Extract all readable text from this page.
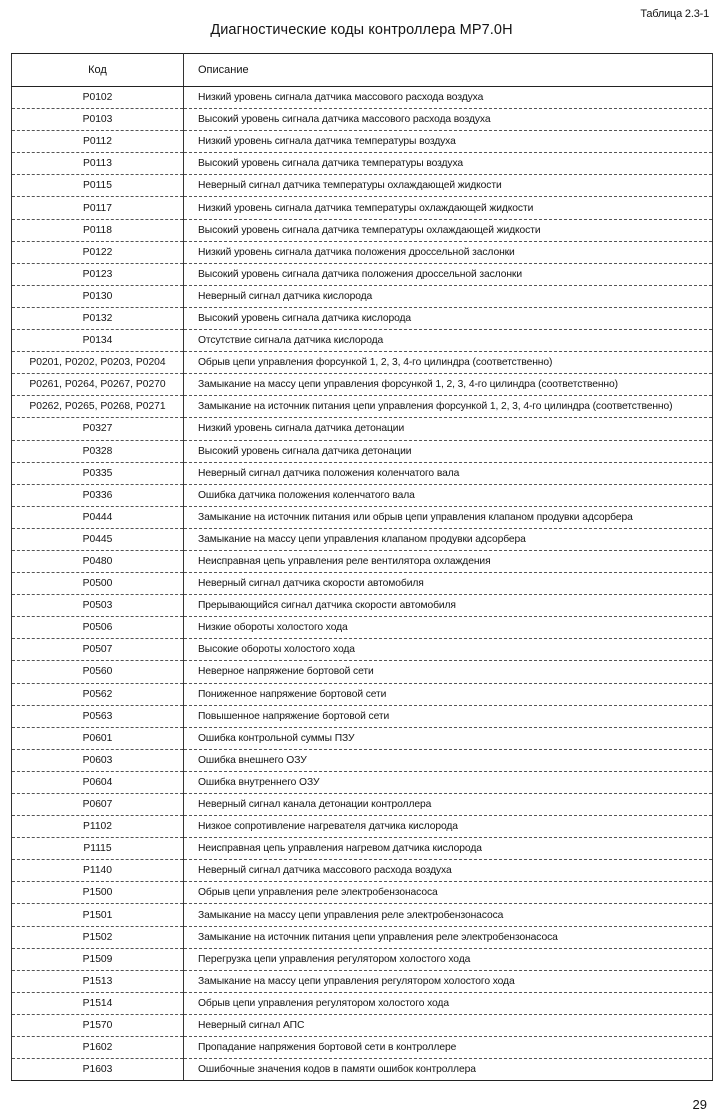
Таблица 2.3-1
Диагностические коды контроллера MP7.0H
Код	Описание
P0102	Низкий уровень сигнала датчика массового расхода воздуха
P0103	Высокий уровень сигнала датчика массового расхода воздуха
P0112	Низкий уровень сигнала датчика температуры воздуха
P0113	Высокий уровень сигнала датчика температуры воздуха
P0115	Неверный сигнал датчика температуры охлаждающей жидкости
P0117	Низкий уровень сигнала датчика температуры охлаждающей жидкости
P0118	Высокий уровень сигнала датчика температуры охлаждающей жидкости
P0122	Низкий уровень сигнала датчика положения дроссельной заслонки
P0123	Высокий уровень сигнала датчика положения дроссельной заслонки
P0130	Неверный сигнал датчика кислорода
P0132	Высокий уровень сигнала датчика кислорода
P0134	Отсутствие сигнала датчика кислорода
P0201, P0202, P0203, P0204	Обрыв цепи управления форсункой 1, 2, 3, 4-го цилиндра (соответственно)
P0261, P0264, P0267, P0270	Замыкание на массу цепи управления форсункой 1, 2, 3, 4-го цилиндра (соответственно)
P0262, P0265, P0268, P0271	Замыкание на источник питания цепи управления форсункой 1, 2, 3, 4-го цилиндра (соответственно)
P0327	Низкий уровень сигнала датчика детонации
P0328	Высокий уровень сигнала датчика детонации
P0335	Неверный сигнал датчика положения коленчатого вала
P0336	Ошибка датчика положения коленчатого вала
P0444	Замыкание на источник питания или обрыв цепи управления клапаном продувки адсорбера
P0445	Замыкание на массу цепи управления клапаном продувки адсорбера
P0480	Неисправная цепь управления реле вентилятора охлаждения
P0500	Неверный сигнал датчика скорости автомобиля
P0503	Прерывающийся сигнал датчика скорости автомобиля
P0506	Низкие обороты холостого хода
P0507	Высокие обороты холостого хода
P0560	Неверное напряжение бортовой сети
P0562	Пониженное напряжение бортовой сети
P0563	Повышенное напряжение бортовой сети
P0601	Ошибка контрольной суммы ПЗУ
P0603	Ошибка внешнего ОЗУ
P0604	Ошибка внутреннего ОЗУ
P0607	Неверный сигнал канала детонации контроллера
P1102	Низкое сопротивление нагревателя датчика кислорода
P1115	Неисправная цепь управления нагревом датчика кислорода
P1140	Неверный сигнал датчика массового расхода воздуха
P1500	Обрыв цепи управления реле электробензонасоса
P1501	Замыкание на массу цепи управления реле электробензонасоса
P1502	Замыкание на источник питания цепи управления реле электробензонасоса
P1509	Перегрузка цепи управления регулятором холостого хода
P1513	Замыкание на массу цепи управления регулятором холостого хода
P1514	Обрыв цепи управления регулятором холостого хода
P1570	Неверный сигнал АПС
P1602	Пропадание напряжения бортовой сети в контроллере
P1603	Ошибочные значения кодов в памяти ошибок контроллера
29
